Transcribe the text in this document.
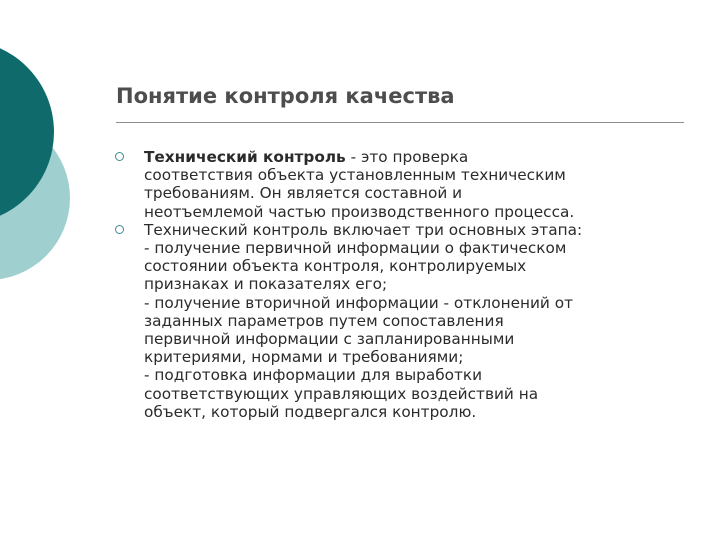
Понятие контроля качества
Технический контроль - это проверка
соответствия объекта установленным техническим
требованиям. Он является составной и
неотъемлемой частью производственного процесса.
Технический контроль включает три основных этапа:
- получение первичной информации о фактическом
состоянии объекта контроля, контролируемых
признаках и показателях его;
- получение вторичной информации - отклонений от
заданных параметров путем сопоставления
первичной информации с запланированными
критериями, нормами и требованиями;
- подготовка информации для выработки
соответствующих управляющих воздействий на
объект, который подвергался контролю.
